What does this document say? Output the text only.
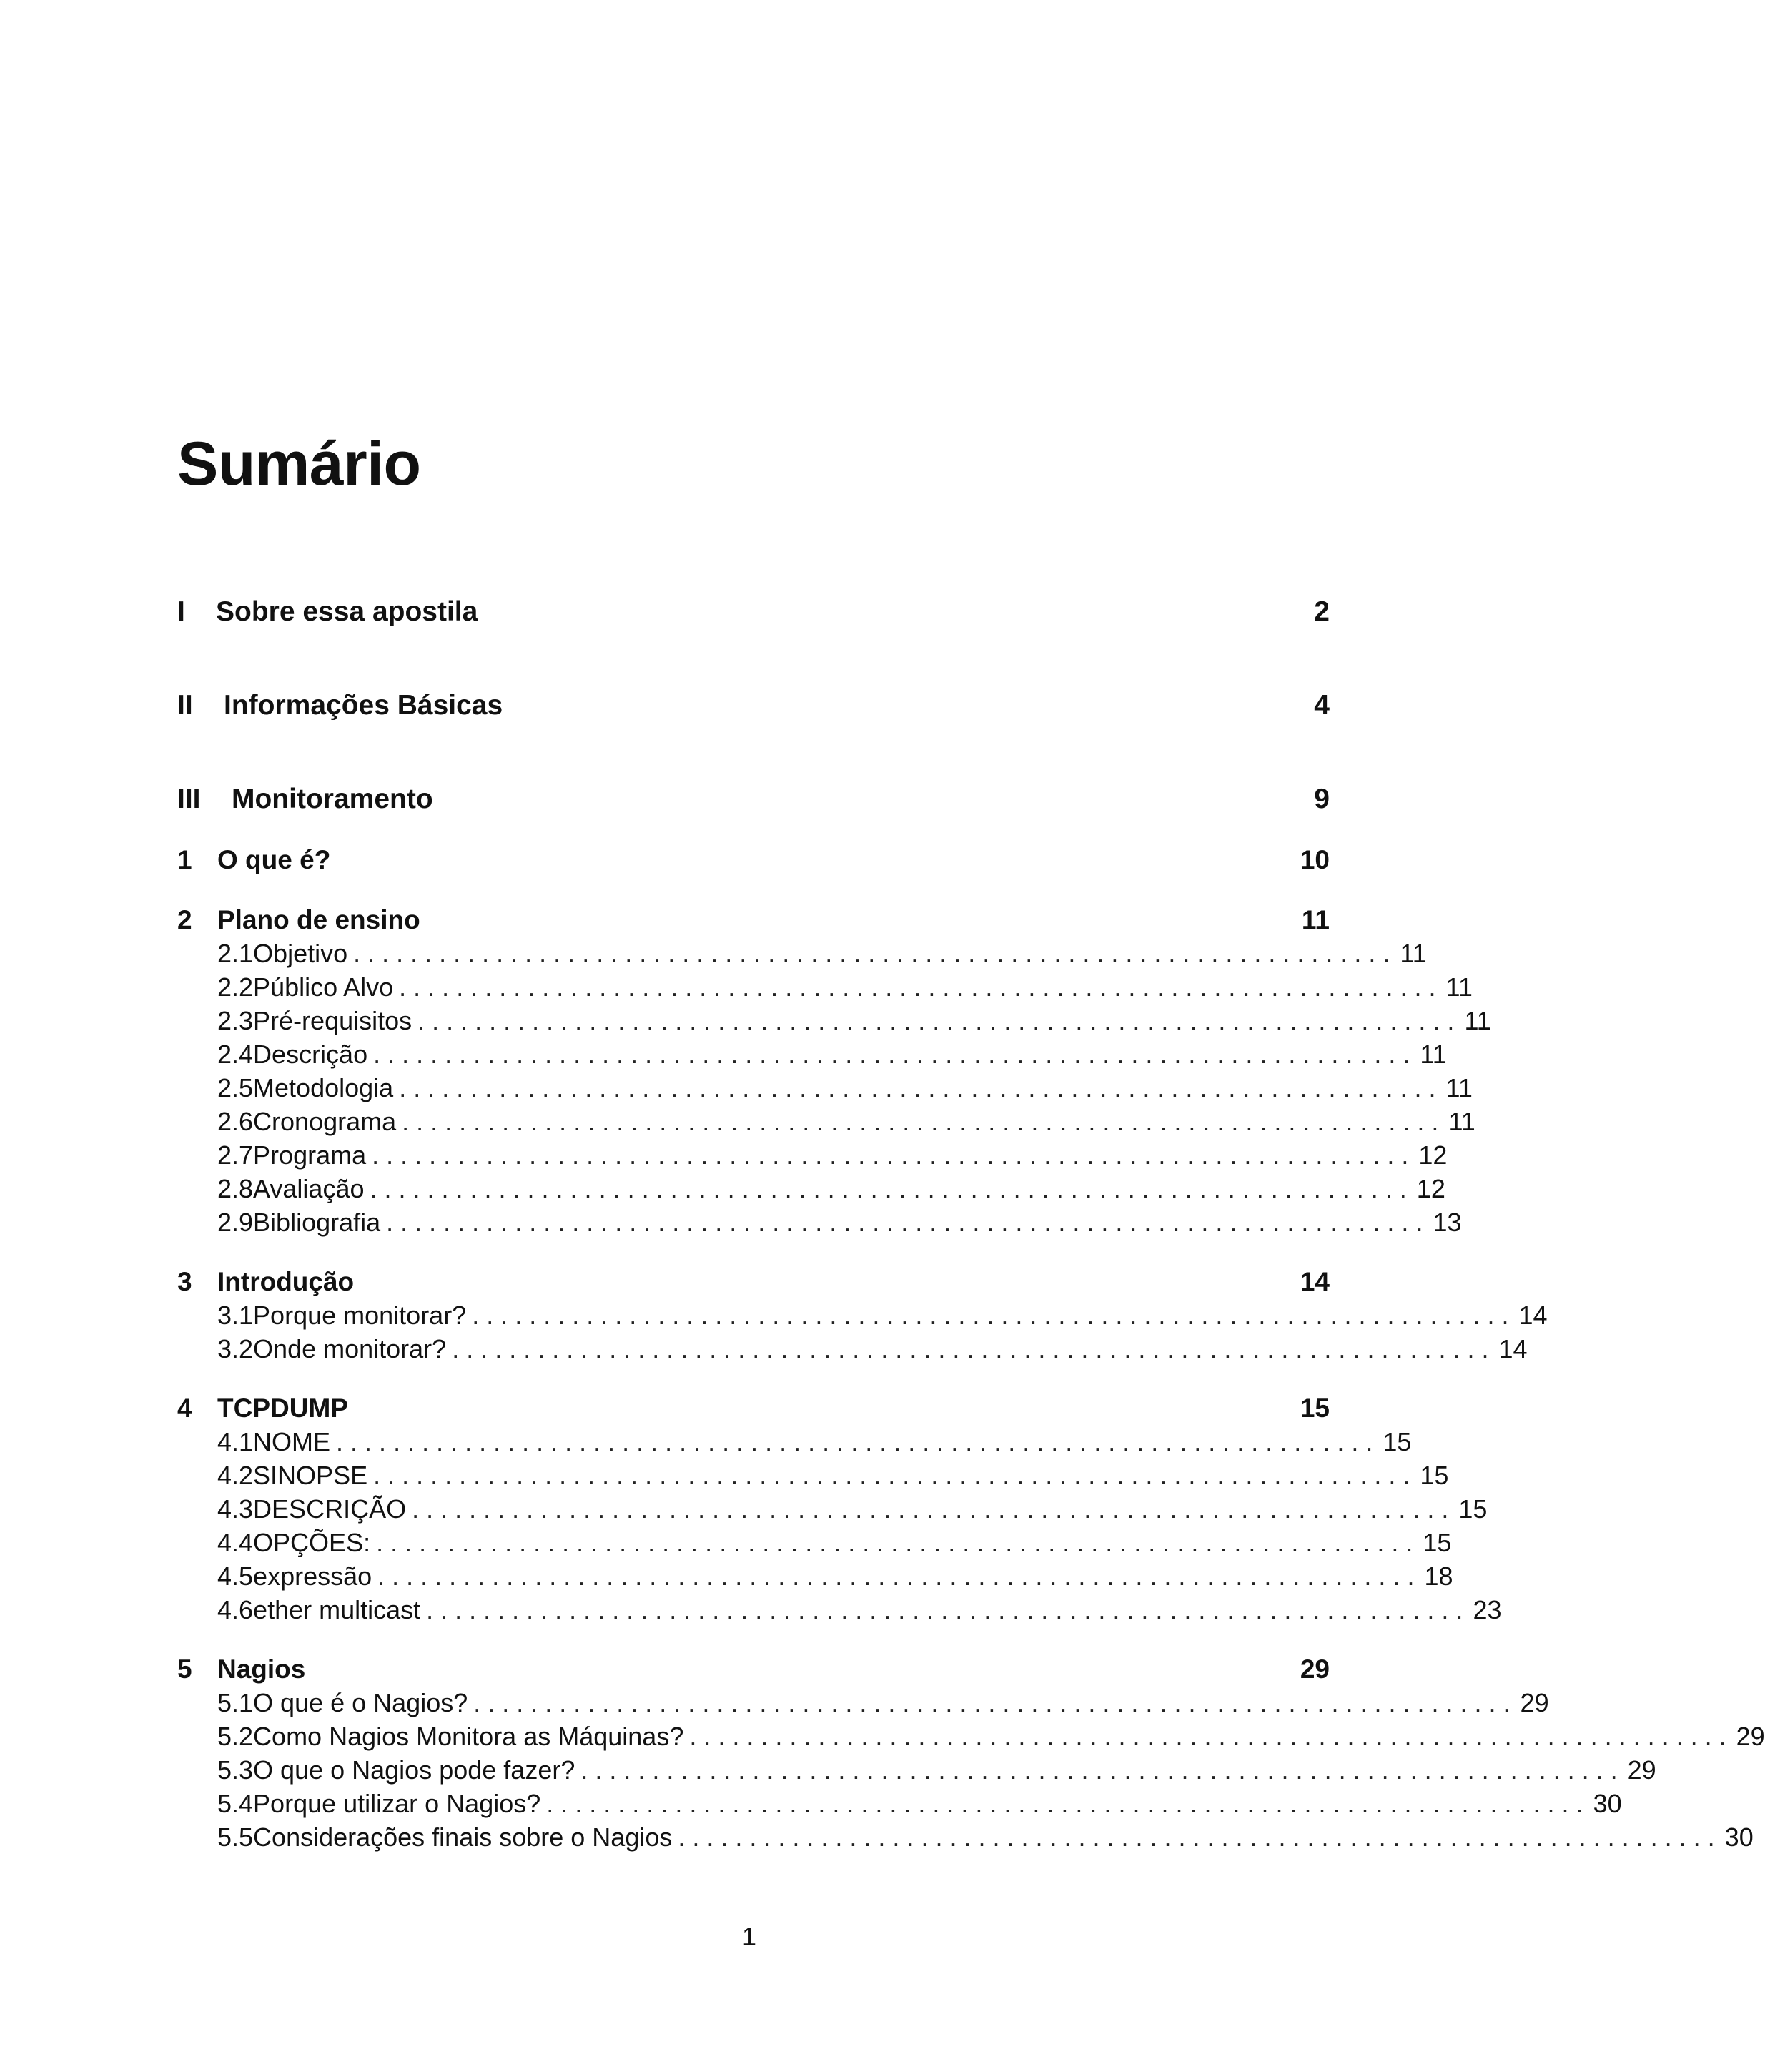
Sumário
I	Sobre essa apostila	2
II	Informações Básicas	4
III	Monitoramento	9
1 O que é?	10
2 Plano de ensino	11
2.1 Objetivo . . . . . . . . . . . . . . . . . . . . . . . . . . . . . . . . . . . . . . . . . . . . . . . . . . . . . . . . . . . . . . . . . . . . . . . . . 11
2.2 Público Alvo . . . . . . . . . . . . . . . . . . . . . . . . . . . . . . . . . . . . . . . . . . . . . . . . . . . . . . . . . . . . . . . . . . . . . . . . . 11
2.3 Pré-requisitos . . . . . . . . . . . . . . . . . . . . . . . . . . . . . . . . . . . . . . . . . . . . . . . . . . . . . . . . . . . . . . . . . . . . . . . . . 11
2.4 Descrição . . . . . . . . . . . . . . . . . . . . . . . . . . . . . . . . . . . . . . . . . . . . . . . . . . . . . . . . . . . . . . . . . . . . . . . . . 11
2.5 Metodologia . . . . . . . . . . . . . . . . . . . . . . . . . . . . . . . . . . . . . . . . . . . . . . . . . . . . . . . . . . . . . . . . . . . . . . . . . 11
2.6 Cronograma . . . . . . . . . . . . . . . . . . . . . . . . . . . . . . . . . . . . . . . . . . . . . . . . . . . . . . . . . . . . . . . . . . . . . . . . . 11
2.7 Programa . . . . . . . . . . . . . . . . . . . . . . . . . . . . . . . . . . . . . . . . . . . . . . . . . . . . . . . . . . . . . . . . . . . . . . . . . 12
2.8 Avaliação . . . . . . . . . . . . . . . . . . . . . . . . . . . . . . . . . . . . . . . . . . . . . . . . . . . . . . . . . . . . . . . . . . . . . . . . . 12
2.9 Bibliografia . . . . . . . . . . . . . . . . . . . . . . . . . . . . . . . . . . . . . . . . . . . . . . . . . . . . . . . . . . . . . . . . . . . . . . . . . 13
3 Introdução	14
3.1 Porque monitorar? . . . . . . . . . . . . . . . . . . . . . . . . . . . . . . . . . . . . . . . . . . . . . . . . . . . . . . . . . . . . . . . . . . . . . . . . . 14
3.2 Onde monitorar? . . . . . . . . . . . . . . . . . . . . . . . . . . . . . . . . . . . . . . . . . . . . . . . . . . . . . . . . . . . . . . . . . . . . . . . . . 14
4 TCPDUMP	15
4.1 NOME . . . . . . . . . . . . . . . . . . . . . . . . . . . . . . . . . . . . . . . . . . . . . . . . . . . . . . . . . . . . . . . . . . . . . . . . . 15
4.2 SINOPSE . . . . . . . . . . . . . . . . . . . . . . . . . . . . . . . . . . . . . . . . . . . . . . . . . . . . . . . . . . . . . . . . . . . . . . . . . 15
4.3 DESCRIÇÃO . . . . . . . . . . . . . . . . . . . . . . . . . . . . . . . . . . . . . . . . . . . . . . . . . . . . . . . . . . . . . . . . . . . . . . . . . 15
4.4 OPÇÕES: . . . . . . . . . . . . . . . . . . . . . . . . . . . . . . . . . . . . . . . . . . . . . . . . . . . . . . . . . . . . . . . . . . . . . . . . . 15
4.5 expressão . . . . . . . . . . . . . . . . . . . . . . . . . . . . . . . . . . . . . . . . . . . . . . . . . . . . . . . . . . . . . . . . . . . . . . . . . 18
4.6 ether multicast . . . . . . . . . . . . . . . . . . . . . . . . . . . . . . . . . . . . . . . . . . . . . . . . . . . . . . . . . . . . . . . . . . . . . . . . . 23
5 Nagios	29
5.1 O que é o Nagios? . . . . . . . . . . . . . . . . . . . . . . . . . . . . . . . . . . . . . . . . . . . . . . . . . . . . . . . . . . . . . . . . . . . . . . . . . 29
5.2 Como Nagios Monitora as Máquinas? . . . . . . . . . . . . . . . . . . . . . . . . . . . . . . . . . . . . . . . . . . . . . . . . . . . . . . . . . . . . . . . . . . . . . . . . . 29
5.3 O que o Nagios pode fazer? . . . . . . . . . . . . . . . . . . . . . . . . . . . . . . . . . . . . . . . . . . . . . . . . . . . . . . . . . . . . . . . . . . . . . . . . . 29
5.4 Porque utilizar o Nagios? . . . . . . . . . . . . . . . . . . . . . . . . . . . . . . . . . . . . . . . . . . . . . . . . . . . . . . . . . . . . . . . . . . . . . . . . . 30
5.5 Considerações finais sobre o Nagios . . . . . . . . . . . . . . . . . . . . . . . . . . . . . . . . . . . . . . . . . . . . . . . . . . . . . . . . . . . . . . . . . . . . . . . . . 30
1
